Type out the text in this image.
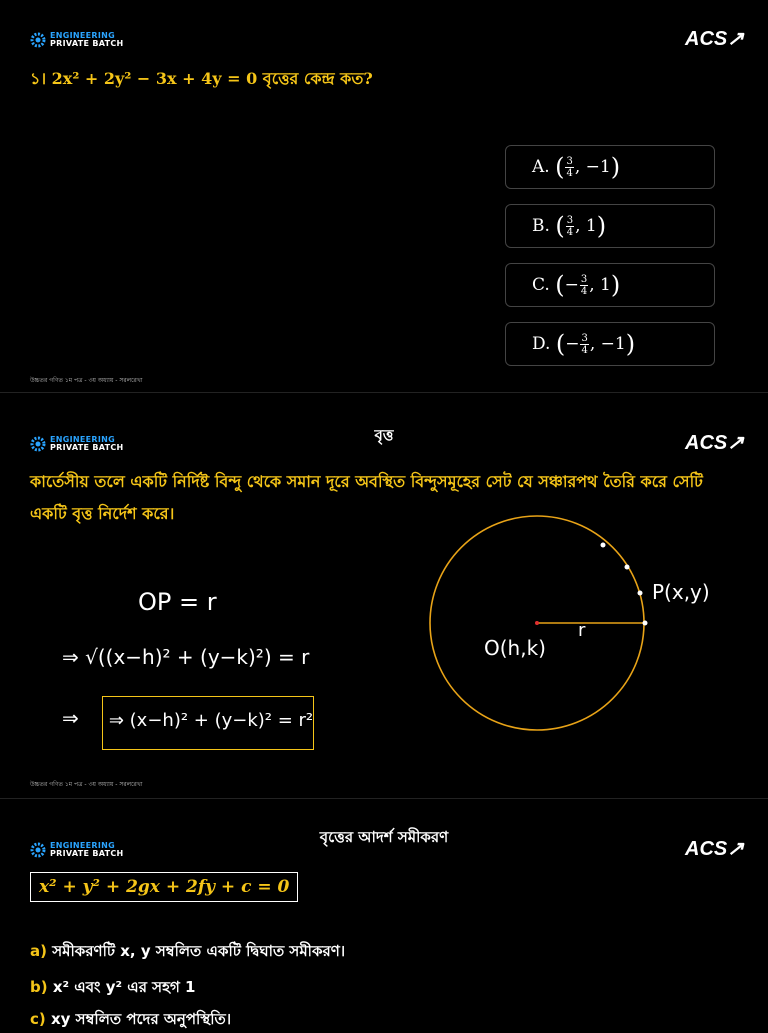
ENGINEERING
PRIVATE BATCH	ACS↗
১। 2x² + 2y² − 3x + 4y = 0 বৃত্তের কেন্দ্র কত?
A.
( $\frac{3}{4}$ , −1 )
B.
( $\frac{3}{4}$ , 1 )
C.
( − $\frac{3}{4}$ , 1 )
D.
( − $\frac{3}{4}$ , −1 )
উচ্চতর গণিত ১ম পত্র - ৩য় অধ্যায় - সরলরেখা
ENGINEERING
PRIVATE BATCH	ACS↗
বৃত্ত
কার্তেসীয় তলে একটি নির্দিষ্ট বিন্দু থেকে সমান দূরে অবস্থিত বিন্দুসমূহের সেট যে সঞ্চারপথ তৈরি করে সেটি একটি বৃত্ত নির্দেশ করে।
OP = r
⇒ √((x−h)² + (y−k)²) = r
⇒	⇒ (x−h)² + (y−k)² = r²
O(h,k)
r
P(x,y)
উচ্চতর গণিত ১ম পত্র - ৩য় অধ্যায় - সরলরেখা
ENGINEERING
PRIVATE BATCH	ACS↗
বৃত্তের আদর্শ সমীকরণ
x² + y² + 2gx + 2fy + c = 0
a) সমীকরণটি x, y সম্বলিত একটি দ্বিঘাত সমীকরণ।
b) x² এবং y² এর সহগ 1
c) xy সম্বলিত পদের অনুপস্থিতি।
